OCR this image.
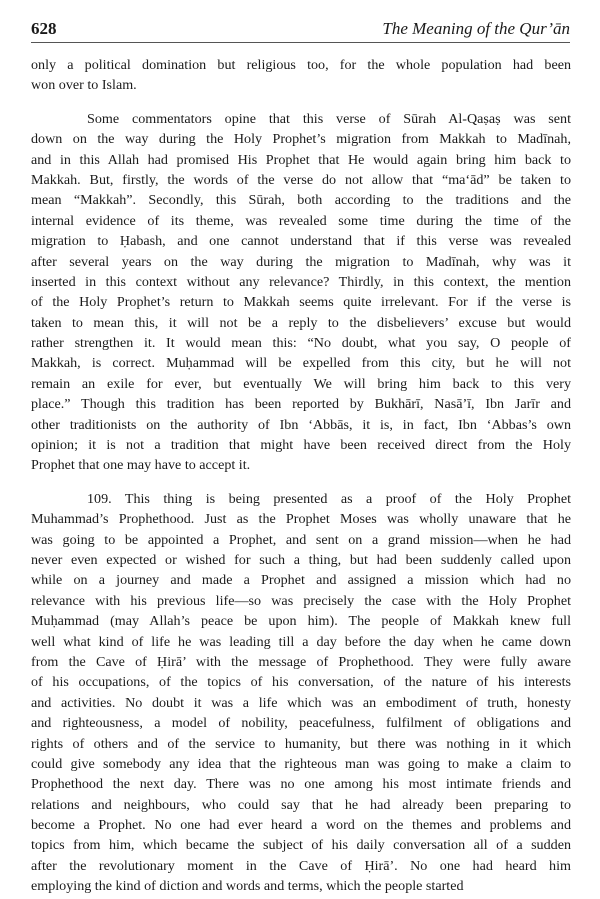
628	The Meaning of the Qur’ān
only a political domination but religious too, for the whole population had been
won over to Islam.
Some commentators opine that this verse of Sūrah Al-Qaṣaṣ was sent
down on the way during the Holy Prophet’s migration from Makkah to Madīnah,
and in this Allah had promised His Prophet that He would again bring him back to
Makkah. But, firstly, the words of the verse do not allow that “ma‘ād” be taken to
mean “Makkah”. Secondly, this Sūrah, both according to the traditions and the
internal evidence of its theme, was revealed some time during the time of the
migration to Ḥabash, and one cannot understand that if this verse was revealed
after several years on the way during the migration to Madīnah, why was it
inserted in this context without any relevance? Thirdly, in this context, the mention
of the Holy Prophet’s return to Makkah seems quite irrelevant. For if the verse is
taken to mean this, it will not be a reply to the disbelievers’ excuse but would
rather strengthen it. It would mean this: “No doubt, what you say, O people of
Makkah, is correct. Muḥammad will be expelled from this city, but he will not
remain an exile for ever, but eventually We will bring him back to this very
place.” Though this tradition has been reported by Bukhārī, Nasā’ī, Ibn Jarīr and
other traditionists on the authority of Ibn ‘Abbās, it is, in fact, Ibn ‘Abbas’s own
opinion; it is not a tradition that might have been received direct from the Holy
Prophet that one may have to accept it.
109. This thing is being presented as a proof of the Holy Prophet
Muhammad’s Prophethood. Just as the Prophet Moses was wholly unaware that he
was going to be appointed a Prophet, and sent on a grand mission—when he had
never even expected or wished for such a thing, but had been suddenly called upon
while on a journey and made a Prophet and assigned a mission which had no
relevance with his previous life—so was precisely the case with the Holy Prophet
Muḥammad (may Allah’s peace be upon him). The people of Makkah knew full
well what kind of life he was leading till a day before the day when he came down
from the Cave of Ḥirā’ with the message of Prophethood. They were fully aware
of his occupations, of the topics of his conversation, of the nature of his interests
and activities. No doubt it was a life which was an embodiment of truth, honesty
and righteousness, a model of nobility, peacefulness, fulfilment of obligations and
rights of others and of the service to humanity, but there was nothing in it which
could give somebody any idea that the righteous man was going to make a claim to
Prophethood the next day. There was no one among his most intimate friends and
relations and neighbours, who could say that he had already been preparing to
become a Prophet. No one had ever heard a word on the themes and problems and
topics from him, which became the subject of his daily conversation all of a sudden
after the revolutionary moment in the Cave of Ḥirā’. No one had heard him
employing the kind of diction and words and terms, which the people started
